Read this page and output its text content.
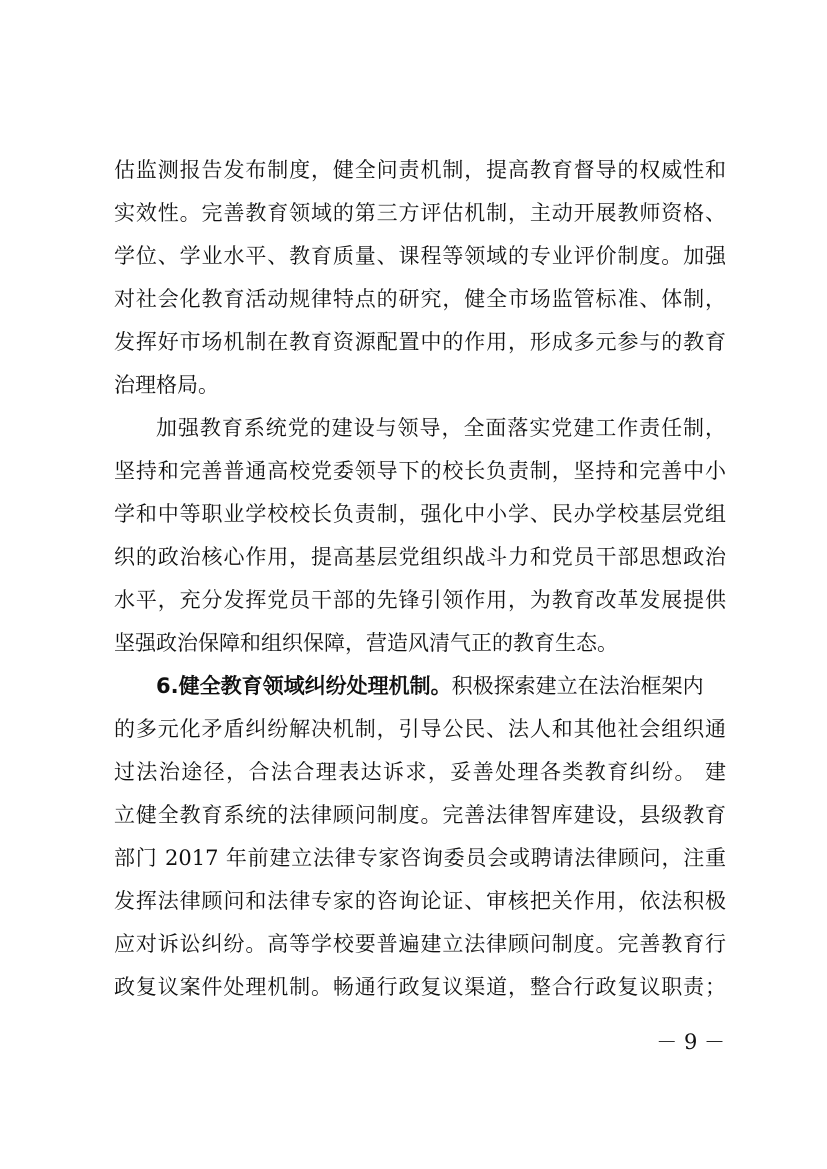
估监测报告发布制度，健全问责机制，提高教育督导的权威性和
实效性。完善教育领域的第三方评估机制，主动开展教师资格、
学位、学业水平、教育质量、课程等领域的专业评价制度。加强
对社会化教育活动规律特点的研究，健全市场监管标准、体制，
发挥好市场机制在教育资源配置中的作用，形成多元参与的教育
治理格局。
加强教育系统党的建设与领导，全面落实党建工作责任制，
坚持和完善普通高校党委领导下的校长负责制，坚持和完善中小
学和中等职业学校校长负责制，强化中小学、民办学校基层党组
织的政治核心作用，提高基层党组织战斗力和党员干部思想政治
水平，充分发挥党员干部的先锋引领作用，为教育改革发展提供
坚强政治保障和组织保障，营造风清气正的教育生态。
6.健全教育领域纠纷处理机制。积极探索建立在法治框架内
的多元化矛盾纠纷解决机制，引导公民、法人和其他社会组织通
过法治途径，合法合理表达诉求，妥善处理各类教育纠纷。 建
立健全教育系统的法律顾问制度。完善法律智库建设，县级教育
部门 2017 年前建立法律专家咨询委员会或聘请法律顾问，注重
发挥法律顾问和法律专家的咨询论证、审核把关作用，依法积极
应对诉讼纠纷。高等学校要普遍建立法律顾问制度。完善教育行
政复议案件处理机制。畅通行政复议渠道，整合行政复议职责；
－ 9 －
